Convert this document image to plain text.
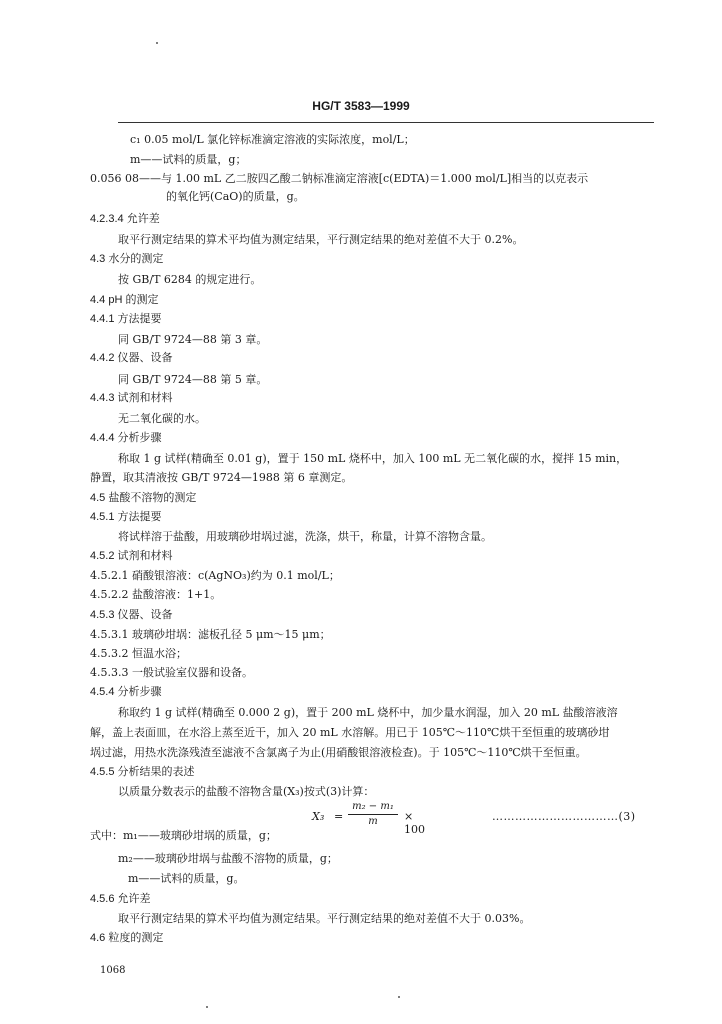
HG/T 3583—1999
c₁ 0.05 mol/L 氯化锌标准滴定溶液的实际浓度，mol/L；
m——试料的质量，g；
0.056 08——与 1.00 mL 乙二胺四乙酸二钠标准滴定溶液[c(EDTA)＝1.000 mol/L]相当的以克表示
的氧化钙(CaO)的质量，g。
4.2.3.4 允许差
取平行测定结果的算术平均值为测定结果，平行测定结果的绝对差值不大于 0.2%。
4.3 水分的测定
按 GB/T 6284 的规定进行。
4.4 pH 的测定
4.4.1 方法提要
同 GB/T 9724—88 第 3 章。
4.4.2 仪器、设备
同 GB/T 9724—88 第 5 章。
4.4.3 试剂和材料
无二氧化碳的水。
4.4.4 分析步骤
称取 1 g 试样(精确至 0.01 g)，置于 150 mL 烧杯中，加入 100 mL 无二氧化碳的水，搅拌 15 min，
静置，取其清液按 GB/T 9724—1988 第 6 章测定。
4.5 盐酸不溶物的测定
4.5.1 方法提要
将试样溶于盐酸，用玻璃砂坩埚过滤，洗涤，烘干，称量，计算不溶物含量。
4.5.2 试剂和材料
4.5.2.1 硝酸银溶液：c(AgNO₃)约为 0.1 mol/L；
4.5.2.2 盐酸溶液：1+1。
4.5.3 仪器、设备
4.5.3.1 玻璃砂坩埚：滤板孔径 5 μm～15 μm；
4.5.3.2 恒温水浴；
4.5.3.3 一般试验室仪器和设备。
4.5.4 分析步骤
称取约 1 g 试样(精确至 0.000 2 g)，置于 200 mL 烧杯中，加少量水润湿，加入 20 mL 盐酸溶液溶
解，盖上表面皿，在水浴上蒸至近干，加入 20 mL 水溶解。用已于 105℃～110℃烘干至恒重的玻璃砂坩
埚过滤，用热水洗涤残渣至滤液不含氯离子为止(用硝酸银溶液检查)。于 105℃～110℃烘干至恒重。
4.5.5 分析结果的表述
以质量分数表示的盐酸不溶物含量(X₃)按式(3)计算：
$X_3 = \frac{\text{m₂ − m₁}}{m} \times 100$
……………………………(3)
式中：m₁——玻璃砂坩埚的质量，g；
m₂——玻璃砂坩埚与盐酸不溶物的质量，g；
m——试料的质量，g。
4.5.6 允许差
取平行测定结果的算术平均值为测定结果。平行测定结果的绝对差值不大于 0.03%。
4.6 粒度的测定
1068
